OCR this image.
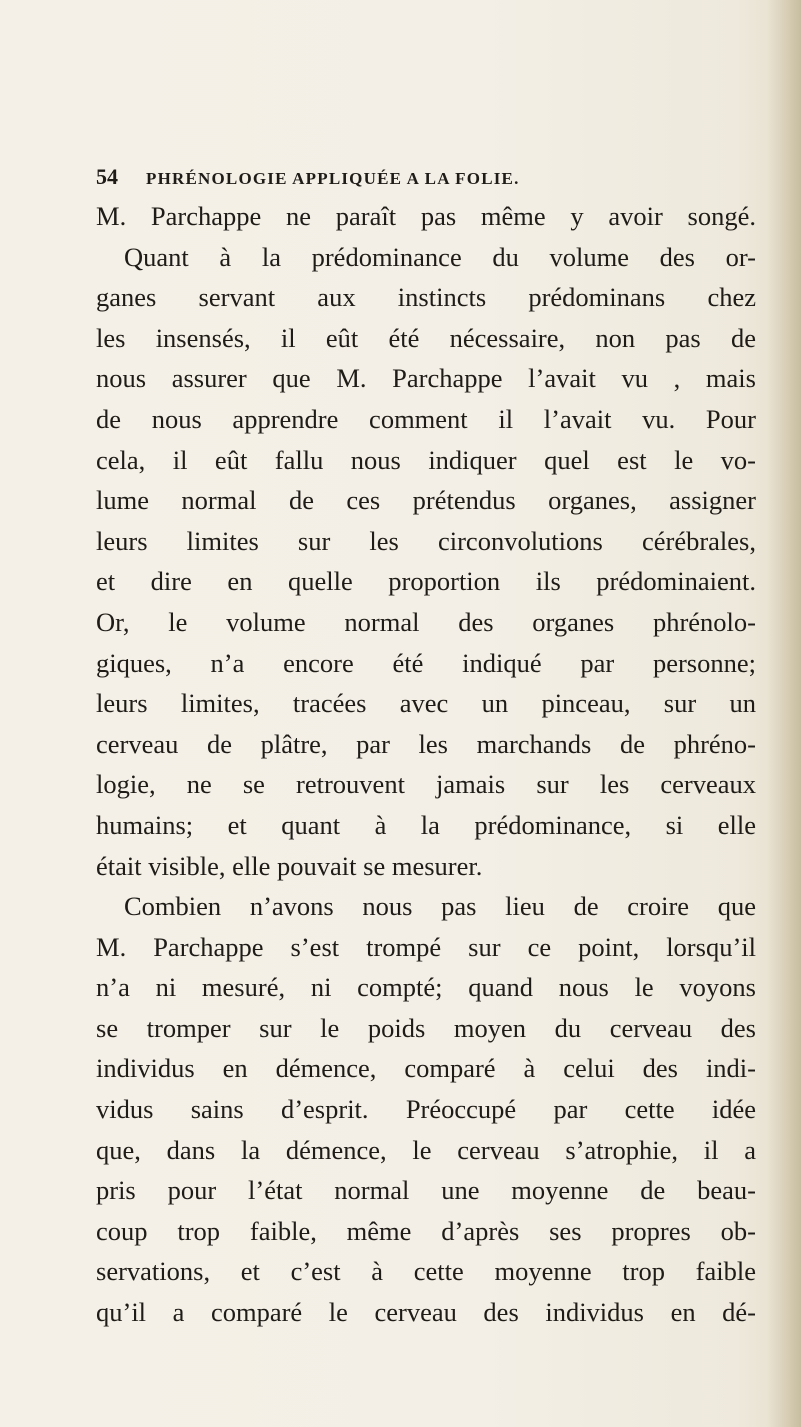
54	PHRÉNOLOGIE APPLIQUÉE A LA FOLIE.
M. Parchappe ne paraît pas même y avoir songé.
Quant à la prédominance du volume des or-
ganes servant aux instincts prédominans chez
les insensés, il eût été nécessaire, non pas de
nous assurer que M. Parchappe l’avait vu , mais
de nous apprendre comment il l’avait vu. Pour
cela, il eût fallu nous indiquer quel est le vo-
lume normal de ces prétendus organes, assigner
leurs limites sur les circonvolutions cérébrales,
et dire en quelle proportion ils prédominaient.
Or, le volume normal des organes phrénolo-
giques, n’a encore été indiqué par personne;
leurs limites, tracées avec un pinceau, sur un
cerveau de plâtre, par les marchands de phréno-
logie, ne se retrouvent jamais sur les cerveaux
humains; et quant à la prédominance, si elle
était visible, elle pouvait se mesurer.
Combien n’avons nous pas lieu de croire que
M. Parchappe s’est trompé sur ce point, lorsqu’il
n’a ni mesuré, ni compté; quand nous le voyons
se tromper sur le poids moyen du cerveau des
individus en démence, comparé à celui des indi-
vidus sains d’esprit. Préoccupé par cette idée
que, dans la démence, le cerveau s’atrophie, il a
pris pour l’état normal une moyenne de beau-
coup trop faible, même d’après ses propres ob-
servations, et c’est à cette moyenne trop faible
qu’il a comparé le cerveau des individus en dé-
